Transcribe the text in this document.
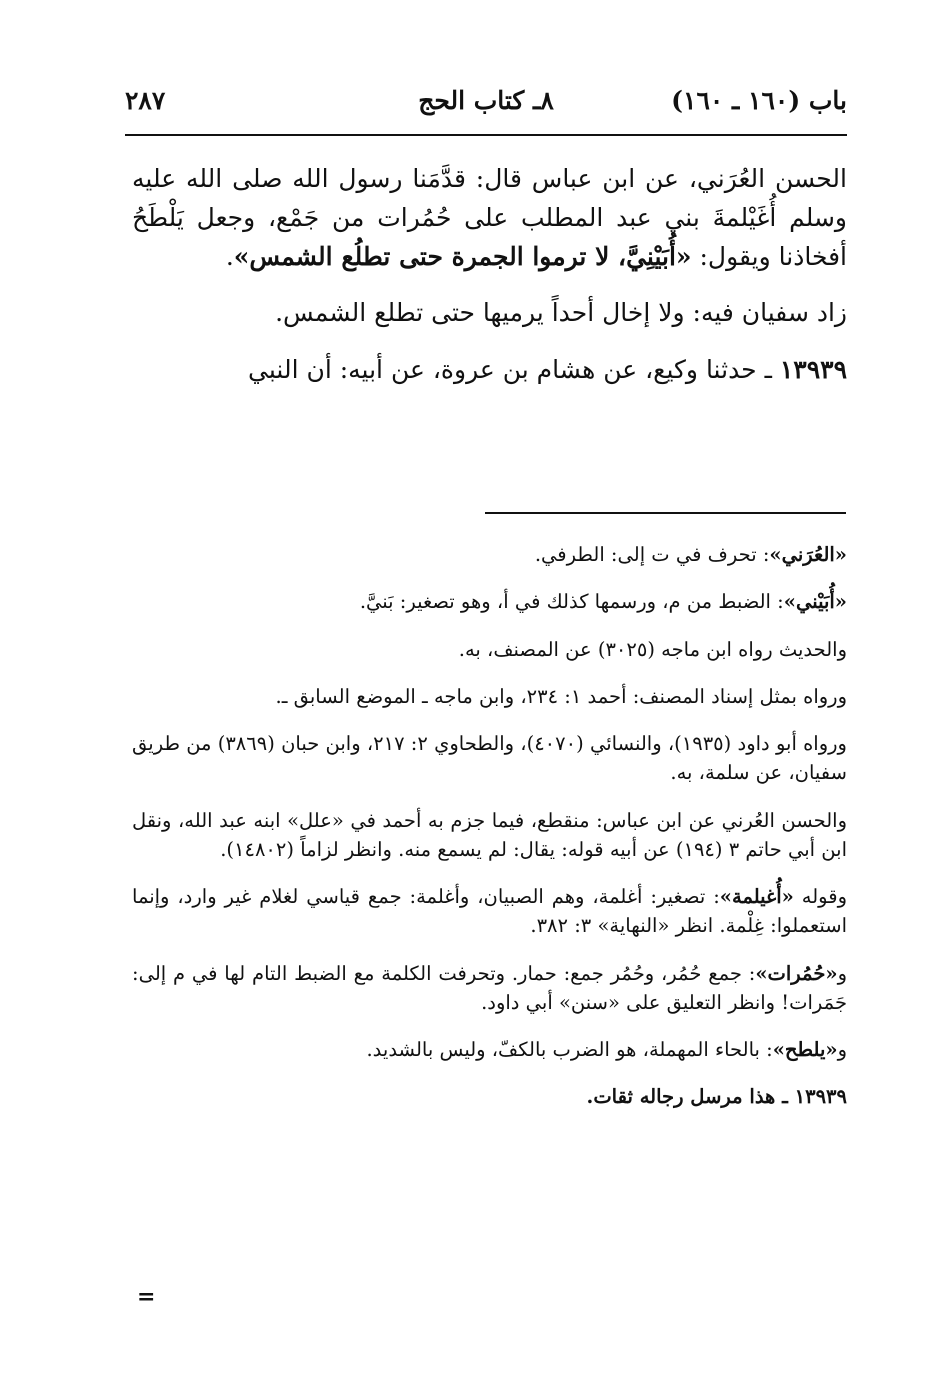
باب (١٦٠ ـ ١٦٠)
٨ـ كتاب الحج
٢٨٧

الحسن العُرَني، عن ابن عباس قال: قدَّمَنا رسول الله صلى الله عليه وسلم أُغَيْلمةَ بني عبد المطلب على حُمُرات من جَمْع، وجعل يَلْطَحُ أفخاذنا ويقول: «أُبَيْنِيَّ، لا ترموا الجمرة حتى تطلُع الشمس».

زاد سفيان فيه: ولا إخال أحداً يرميها حتى تطلع الشمس.

١٣٩٣٩ ـ حدثنا وكيع، عن هشام بن عروة، عن أبيه: أن النبي

«العُرَني»: تحرف في ت إلى: الطرفي.

«أُبَيْني»: الضبط من م، ورسمها كذلك في أ، وهو تصغير: بَنيَّ.

والحديث رواه ابن ماجه (٣٠٢٥) عن المصنف، به.

ورواه بمثل إسناد المصنف: أحمد ١: ٢٣٤، وابن ماجه ـ الموضع السابق ـ.

ورواه أبو داود (١٩٣٥)، والنسائي (٤٠٧٠)، والطحاوي ٢: ٢١٧، وابن حبان (٣٨٦٩) من طريق سفيان، عن سلمة، به.

والحسن العُرني عن ابن عباس: منقطع، فيما جزم به أحمد في «علل» ابنه عبد الله، ونقل ابن أبي حاتم ٣ (١٩٤) عن أبيه قوله: يقال: لم يسمع منه. وانظر لزاماً (١٤٨٠٢).

وقوله «أُغيلمة»: تصغير: أغلمة، وهم الصبيان، وأغلمة: جمع قياسي لغلام غير وارد، وإنما استعملوا: غِلْمة. انظر «النهاية» ٣: ٣٨٢.

و«حُمُرات»: جمع حُمُر، وحُمُر جمع: حمار. وتحرفت الكلمة مع الضبط التام لها في م إلى: جَمَرات! وانظر التعليق على «سنن» أبي داود.

و«يلطح»: بالحاء المهملة، هو الضرب بالكفّ، وليس بالشديد.

١٣٩٣٩ ـ هذا مرسل رجاله ثقات.

=
